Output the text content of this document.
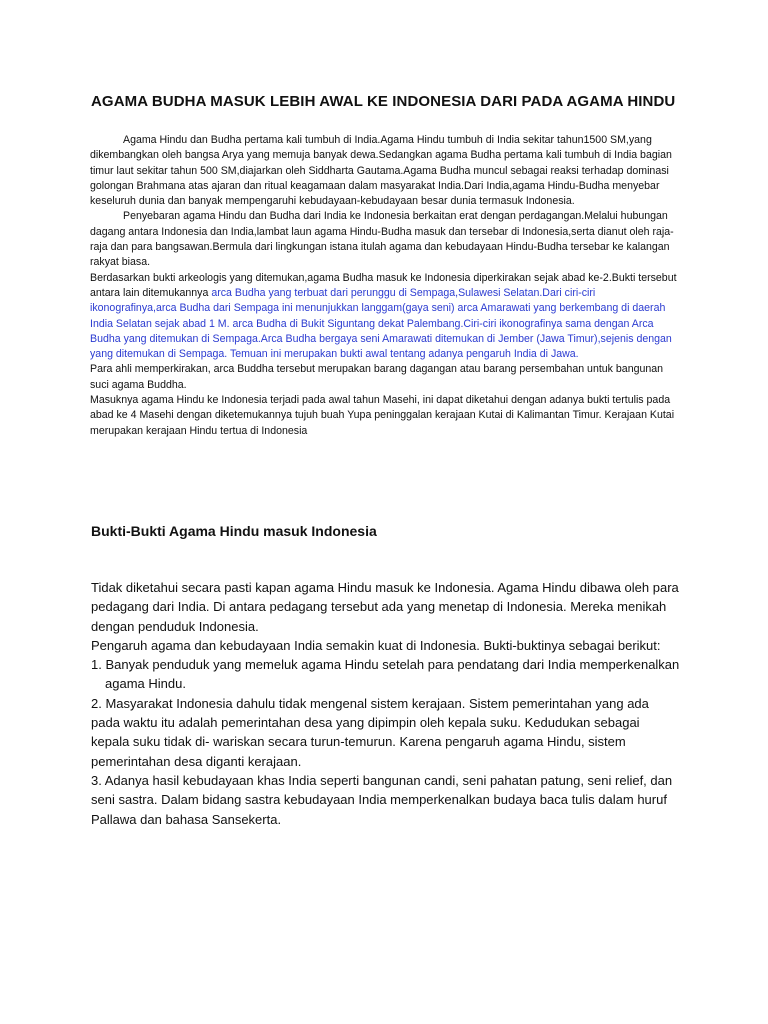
AGAMA BUDHA MASUK LEBIH AWAL KE INDONESIA DARI PADA AGAMA HINDU

Agama Hindu dan Budha pertama kali tumbuh di India.Agama Hindu tumbuh di India sekitar tahun1500 SM,yang dikembangkan oleh bangsa Arya yang memuja banyak dewa.Sedangkan agama Budha pertama kali tumbuh di India bagian timur laut sekitar tahun 500 SM,diajarkan oleh Siddharta Gautama.Agama Budha muncul sebagai reaksi terhadap dominasi golongan Brahmana atas ajaran dan ritual keagamaan dalam masyarakat India.Dari India,agama Hindu-Budha menyebar keseluruh dunia dan banyak mempengaruhi kebudayaan-kebudayaan besar dunia termasuk Indonesia.

Penyebaran agama Hindu dan Budha dari India ke Indonesia berkaitan erat dengan perdagangan.Melalui hubungan dagang antara Indonesia dan India,lambat laun agama Hindu-Budha masuk dan tersebar di Indonesia,serta dianut oleh raja-raja dan para bangsawan.Bermula dari lingkungan istana itulah agama dan kebudayaan Hindu-Budha tersebar ke kalangan rakyat biasa.

Berdasarkan bukti arkeologis yang ditemukan,agama Budha masuk ke Indonesia diperkirakan sejak abad ke-2.Bukti tersebut antara lain ditemukannya arca Budha yang terbuat dari perunggu di Sempaga,Sulawesi Selatan.Dari ciri-ciri ikonografinya,arca Budha dari Sempaga ini menunjukkan langgam(gaya seni) arca Amarawati yang berkembang di daerah India Selatan sejak abad 1 M. arca Budha di Bukit Siguntang dekat Palembang.Ciri-ciri ikonografinya sama dengan Arca Budha yang ditemukan di Sempaga.Arca Budha bergaya seni Amarawati ditemukan di Jember (Jawa Timur),sejenis dengan yang ditemukan di Sempaga. Temuan ini merupakan bukti awal tentang adanya pengaruh India di Jawa.

Para ahli memperkirakan, arca Buddha tersebut merupakan barang dagangan atau barang persembahan untuk bangunan suci agama Buddha.

Masuknya agama Hindu ke Indonesia terjadi pada awal tahun Masehi, ini dapat diketahui dengan adanya bukti tertulis pada abad ke 4 Masehi dengan diketemukannya tujuh buah Yupa peninggalan kerajaan Kutai di Kalimantan Timur. Kerajaan Kutai merupakan kerajaan Hindu tertua di Indonesia

Bukti-Bukti Agama Hindu masuk Indonesia

Tidak diketahui secara pasti kapan agama Hindu masuk ke Indonesia. Agama Hindu dibawa oleh para pedagang dari India. Di antara pedagang tersebut ada yang menetap di Indonesia. Mereka menikah

dengan penduduk Indonesia.

Pengaruh agama dan kebudayaan India semakin kuat di Indonesia. Bukti-buktinya sebagai berikut:

1. Banyak penduduk yang memeluk agama Hindu setelah para pendatang dari India memperkenalkan

agama Hindu.

2. Masyarakat Indonesia dahulu tidak mengenal sistem kerajaan. Sistem pemerintahan yang ada pada waktu itu adalah pemerintahan desa yang dipimpin oleh kepala suku. Kedudukan sebagai kepala suku tidak di- wariskan secara turun-temurun. Karena pengaruh agama Hindu, sistem pemerintahan desa diganti kerajaan.

3. Adanya hasil kebudayaan khas India seperti bangunan candi, seni pahatan patung, seni relief, dan seni sastra. Dalam bidang sastra kebudayaan India memperkenalkan budaya baca tulis dalam huruf Pallawa dan bahasa Sansekerta.
